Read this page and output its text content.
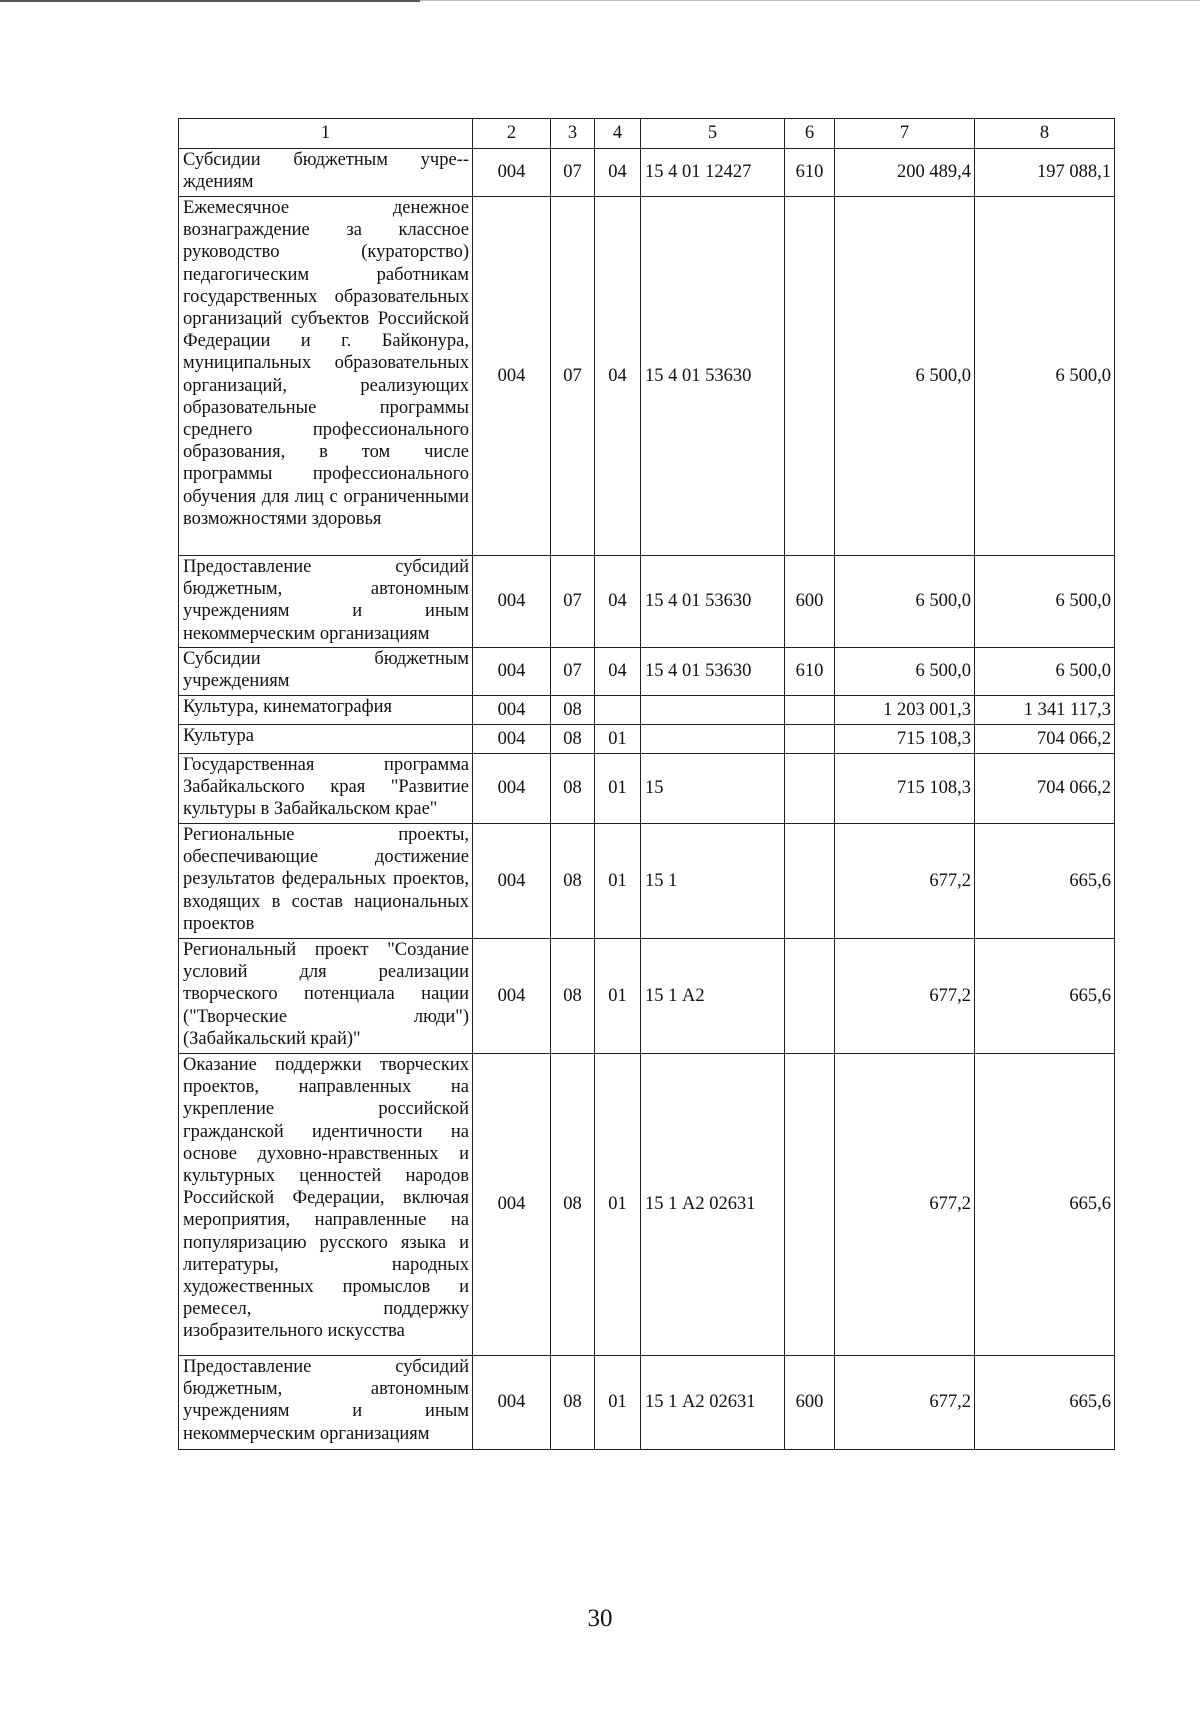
1	2	3	4	5	6	7	8
Субсидии бюджетным учре-ждениям	004	07	04	15 4 01 12427	610	200 489,4	197 088,1
Ежемесячное денежное вознаграждение за классное руководство (кураторство) педагогическим работникам государственных образовательных организаций субъектов Российской Федерации и г. Байконура, муниципальных образовательных организаций, реализующих образовательные программы среднего профессионального образования, в том числе программы профессионального обучения для лиц с ограниченными возможностями здоровья	004	07	04	15 4 01 53630		6 500,0	6 500,0
Предоставление субсидий бюджетным, автономным учреждениям и иным некоммерческим организациям	004	07	04	15 4 01 53630	600	6 500,0	6 500,0
Субсидии бюджетным учреждениям	004	07	04	15 4 01 53630	610	6 500,0	6 500,0
Культура, кинематография	004	08				1 203 001,3	1 341 117,3
Культура	004	08	01			715 108,3	704 066,2
Государственная программа Забайкальского края "Развитие культуры в Забайкальском крае"	004	08	01	15		715 108,3	704 066,2
Региональные проекты, обеспечивающие достижение результатов федеральных проектов, входящих в состав национальных проектов	004	08	01	15 1		677,2	665,6
Региональный проект "Создание условий для реализации творческого потенциала нации ("Творческие люди") (Забайкальский край)"	004	08	01	15 1 А2		677,2	665,6
Оказание поддержки творческих проектов, направленных на укрепление российской гражданской идентичности на основе духовно-нравственных и культурных ценностей народов Российской Федерации, включая мероприятия, направленные на популяризацию русского языка и литературы, народных художественных промыслов и ремесел, поддержку изобразительного искусства	004	08	01	15 1 А2 02631		677,2	665,6
Предоставление субсидий бюджетным, автономным учреждениям и иным некоммерческим организациям	004	08	01	15 1 А2 02631	600	677,2	665,6
30
